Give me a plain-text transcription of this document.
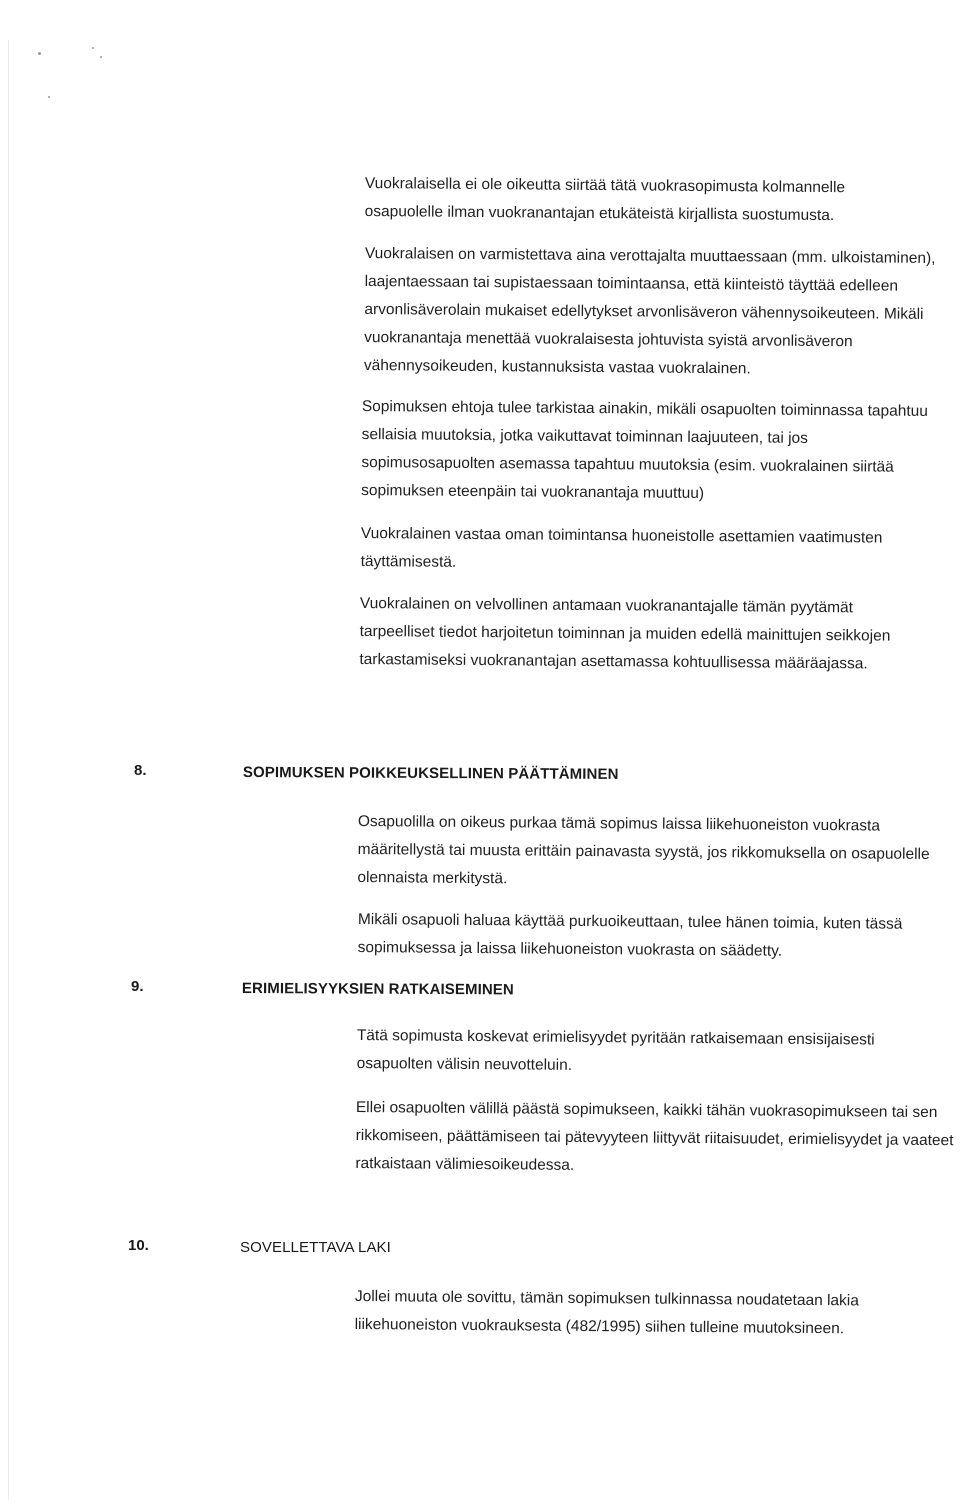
Vuokralaisella ei ole oikeutta siirtää tätä vuokrasopimusta kolmannelle osapuolelle ilman vuokranantajan etukäteistä kirjallista suostumusta.

Vuokralaisen on varmistettava aina verottajalta muuttaessaan (mm. ulkoistaminen), laajentaessaan tai supistaessaan toimintaansa, että kiinteistö täyttää edelleen arvonlisäverolain mukaiset edellytykset arvonlisäveron vähennysoikeuteen. Mikäli vuokranantaja menettää vuokralaisesta johtuvista syistä arvonlisäveron vähennysoikeuden, kustannuksista vastaa vuokralainen.

Sopimuksen ehtoja tulee tarkistaa ainakin, mikäli osapuolten toiminnassa tapahtuu sellaisia muutoksia, jotka vaikuttavat toiminnan laajuuteen, tai jos sopimusosapuolten asemassa tapahtuu muutoksia (esim. vuokralainen siirtää sopimuksen eteenpäin tai vuokranantaja muuttuu)

Vuokralainen vastaa oman toimintansa huoneistolle asettamien vaatimusten täyttämisestä.

Vuokralainen on velvollinen antamaan vuokranantajalle tämän pyytämät tarpeelliset tiedot harjoitetun toiminnan ja muiden edellä mainittujen seikkojen tarkastamiseksi vuokranantajan asettamassa kohtuullisessa määräajassa.

8.	SOPIMUKSEN POIKKEUKSELLINEN PÄÄTTÄMINEN

Osapuolilla on oikeus purkaa tämä sopimus laissa liikehuoneiston vuokrasta määritellystä tai muusta erittäin painavasta syystä, jos rikkomuksella on osapuolelle olennaista merkitystä.

Mikäli osapuoli haluaa käyttää purkuoikeuttaan, tulee hänen toimia, kuten tässä sopimuksessa ja laissa liikehuoneiston vuokrasta on säädetty.

9.	ERIMIELISYYKSIEN RATKAISEMINEN

Tätä sopimusta koskevat erimielisyydet pyritään ratkaisemaan ensisijaisesti osapuolten välisin neuvotteluin.

Ellei osapuolten välillä päästä sopimukseen, kaikki tähän vuokrasopimukseen tai sen rikkomiseen, päättämiseen tai pätevyyteen liittyvät riitaisuudet, erimielisyydet ja vaateet ratkaistaan välimiesoikeudessa.

10.	SOVELLETTAVA LAKI

Jollei muuta ole sovittu, tämän sopimuksen tulkinnassa noudatetaan lakia liikehuoneiston vuokrauksesta (482/1995) siihen tulleine muutoksineen.
